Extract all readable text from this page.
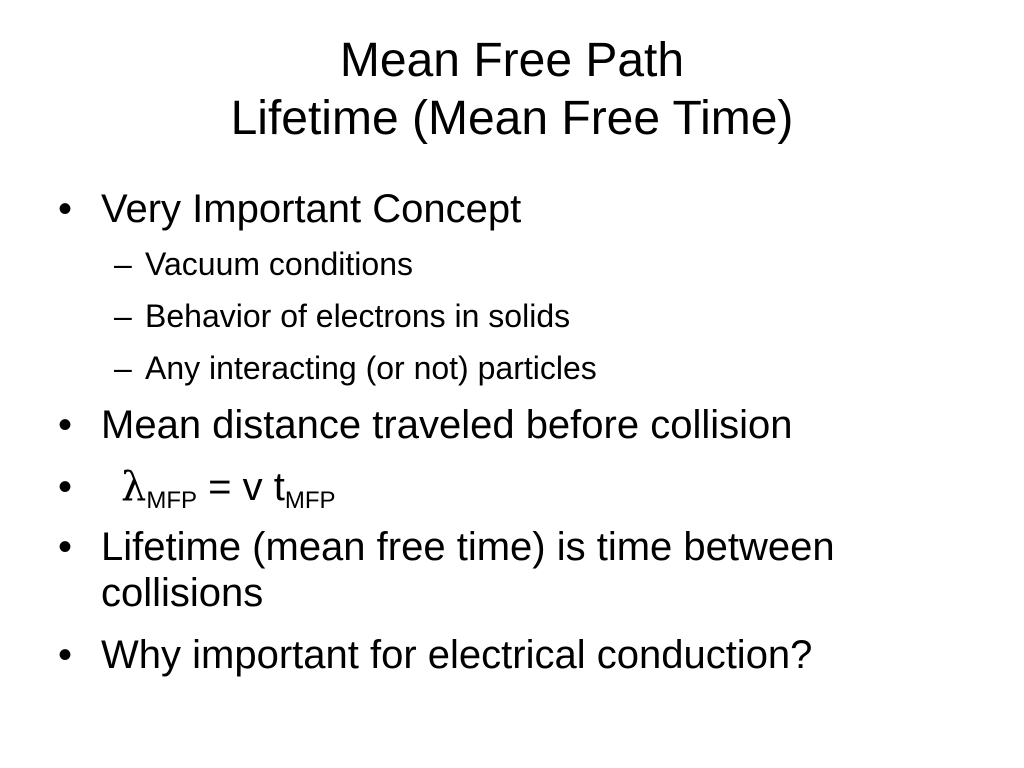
Mean Free Path
Lifetime (Mean Free Time)
• Very Important Concept
– Vacuum conditions
– Behavior of electrons in solids
– Any interacting (or not) particles
• Mean distance traveled before collision
•	$\lambda_{MFP} = v$ $t_{MFP}$
• Lifetime (mean free time) is time between collisions
• Why important for electrical conduction?
